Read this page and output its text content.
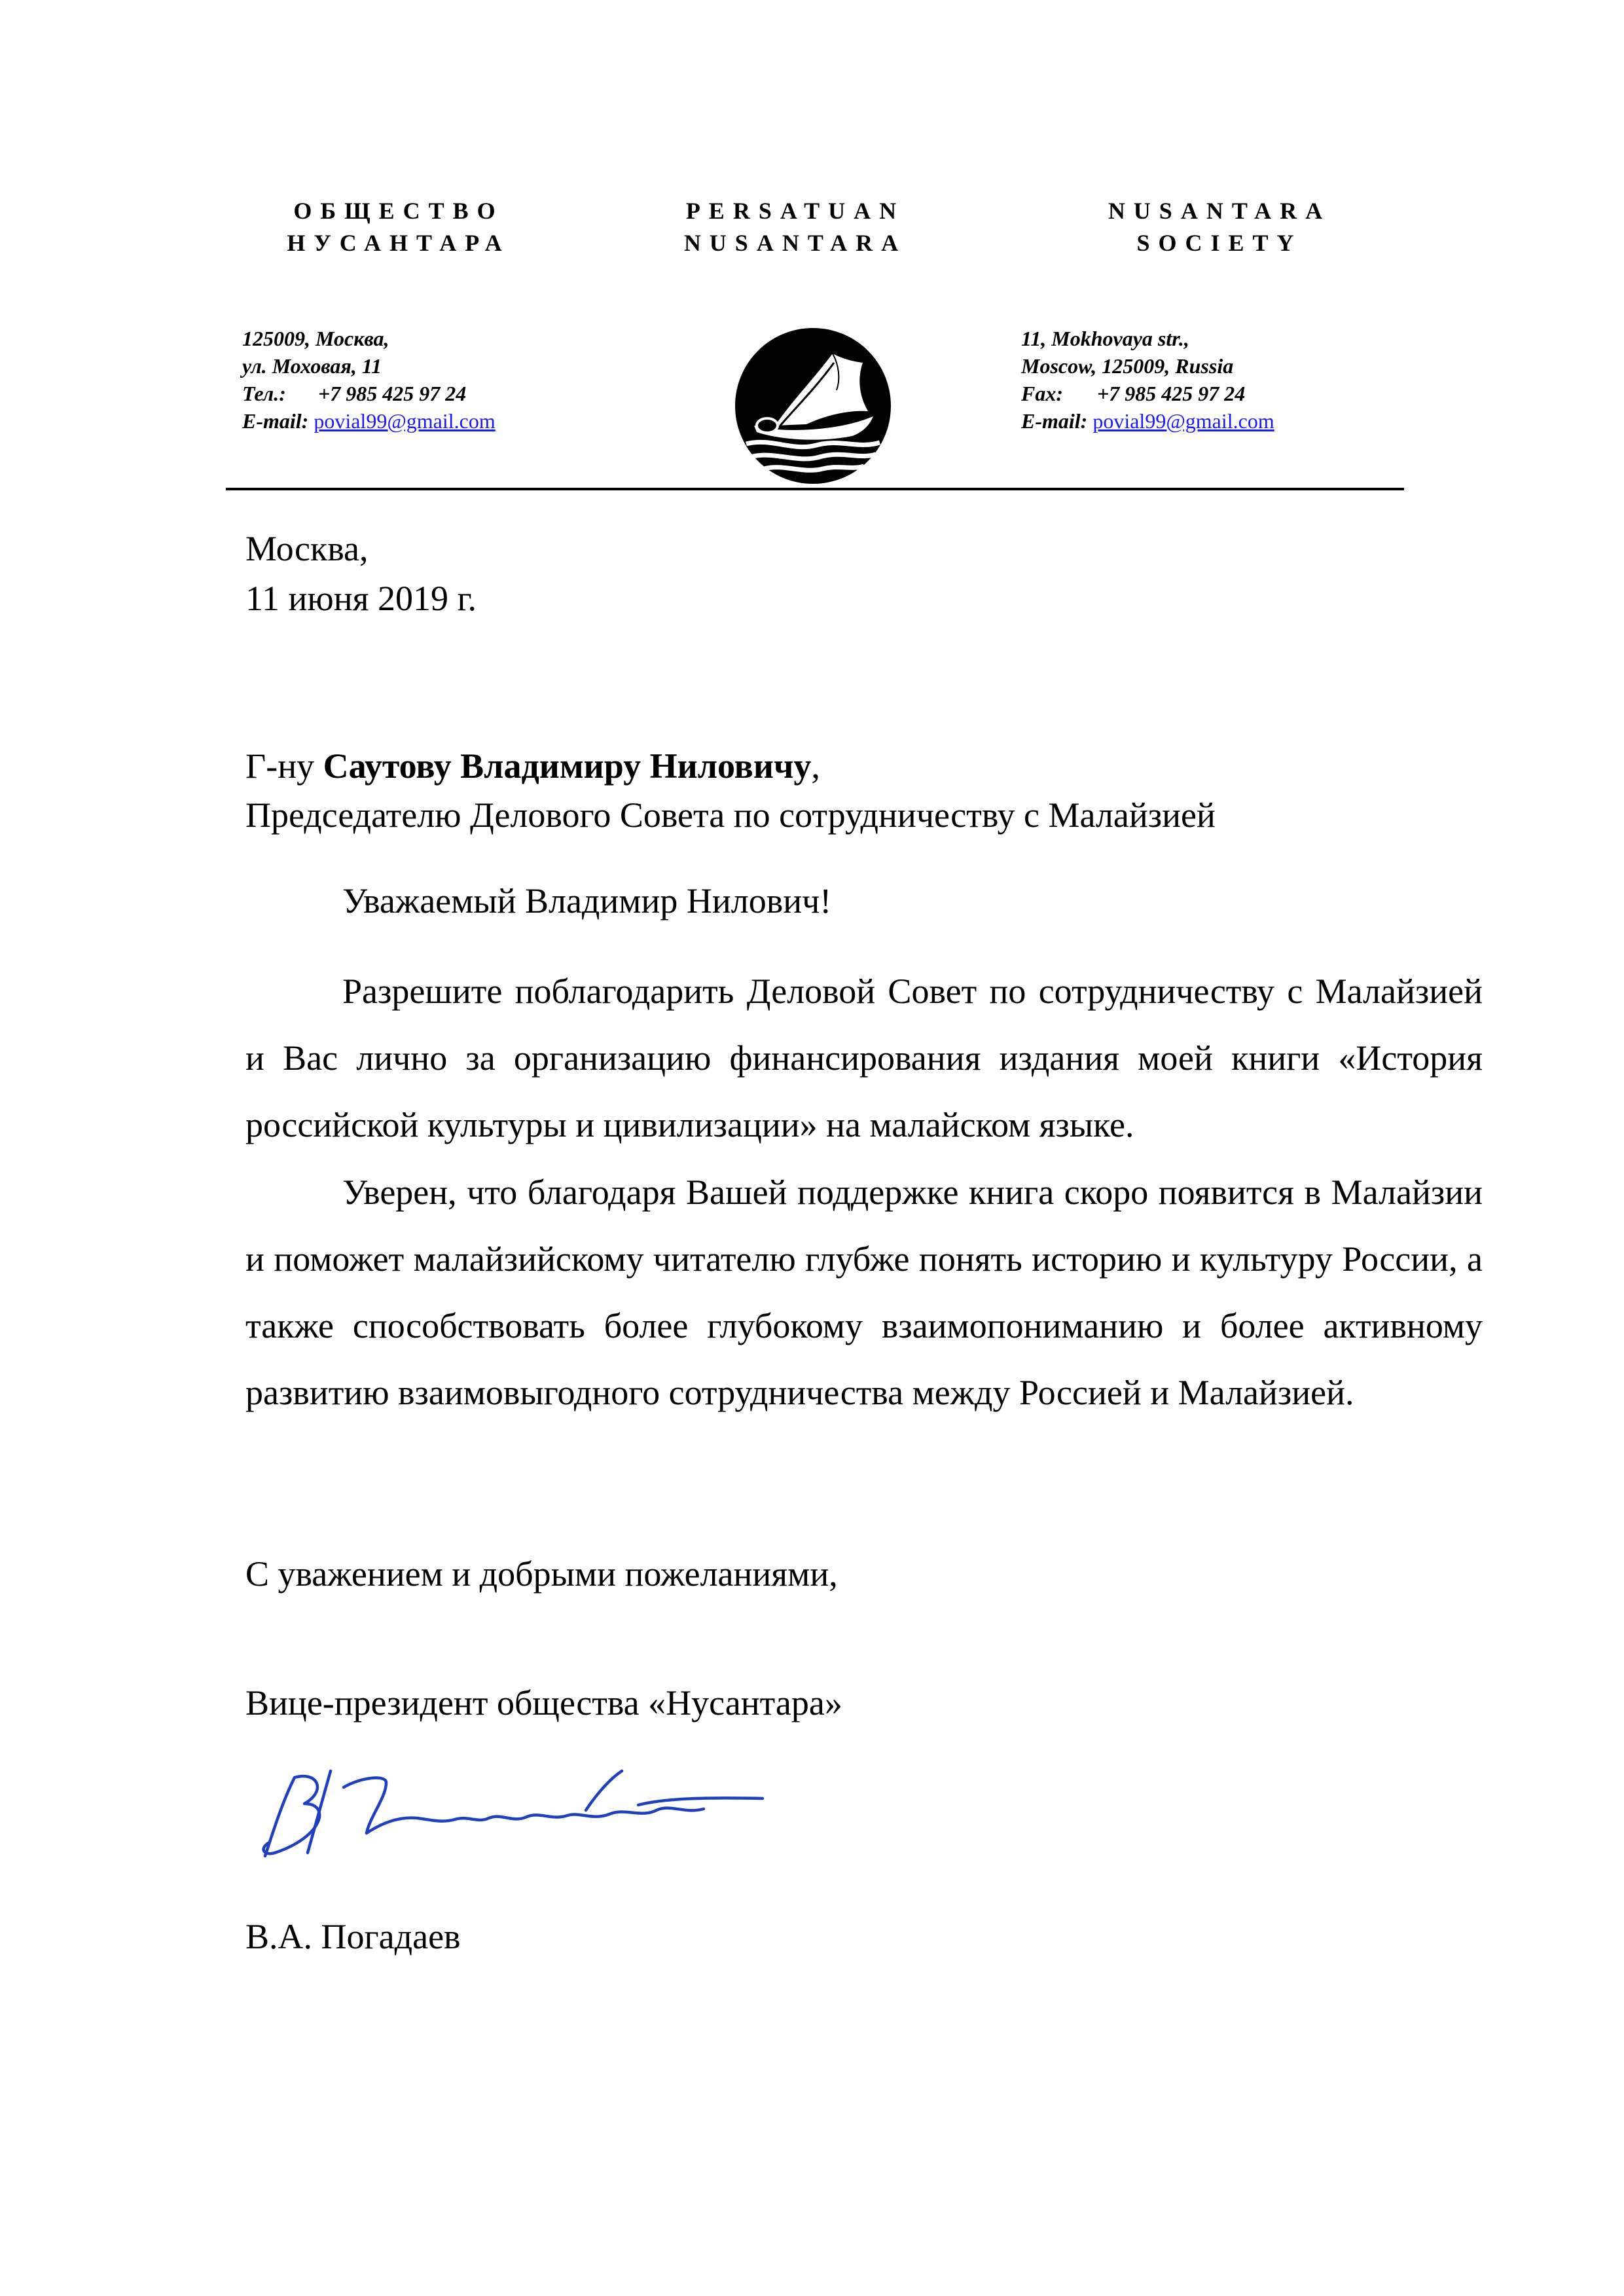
ОБЩЕСТВО
НУСАНТАРА
PERSATUAN
NUSANTARA
NUSANTARA
SOCIETY
125009, Москва,
ул. Моховая, 11
Тел.: +7 985 425 97 24
E-mail: povial99@gmail.com
11, Mokhovaya str.,
Moscow, 125009, Russia
Fax: +7 985 425 97 24
E-mail: povial99@gmail.com
Москва,
11 июня 2019 г.
Г-ну Саутову Владимиру Ниловичу,
Председателю Делового Совета по сотрудничеству с Малайзией
Уважаемый Владимир Нилович!
Разрешите поблагодарить Деловой Совет по сотрудничеству с Малайзией и Вас лично за организацию финансирования издания моей книги «История российской культуры и цивилизации» на малайском языке.
Уверен, что благодаря Вашей поддержке книга скоро появится в Малайзии и поможет малайзийскому читателю глубже понять историю и культуру России, а также способствовать более глубокому взаимопониманию и более активному развитию взаимовыгодного сотрудничества между Россией и Малайзией.
С уважением и добрыми пожеланиями,
Вице-президент общества «Нусантара»
В.А. Погадаев
